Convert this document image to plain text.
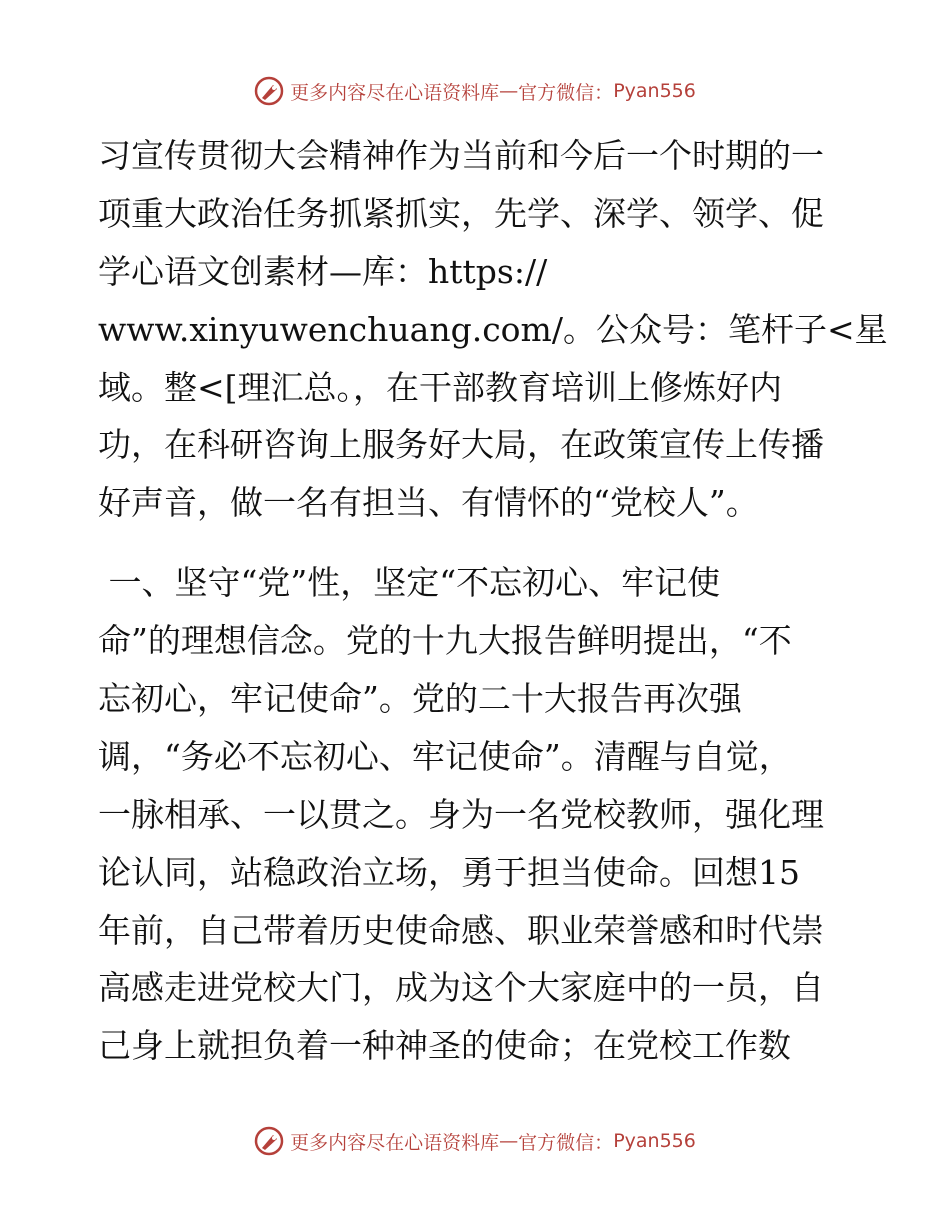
更多内容尽在心语资料库 — 官方微信： Pyan556
习宣传贯彻大会精神作为当前和今后一个时期的一
项重大政治任务抓紧抓实，先学、深学、领学、促
学心语文创素材—库：https://
www.xinyuwenchuang.com/。公众号：笔杆子<星
域。整<[理汇总。，在干部教育培训上修炼好内
功，在科研咨询上服务好大局，在政策宣传上传播
好声音，做一名有担当、有情怀的“党校人”。
一、坚守“党”性，坚定“不忘初心、牢记使
命”的理想信念。党的十九大报告鲜明提出，“不
忘初心，牢记使命”。党的二十大报告再次强
调，“务必不忘初心、牢记使命”。清醒与自觉，
一脉相承、一以贯之。身为一名党校教师，强化理
论认同，站稳政治立场，勇于担当使命。回想15
年前，自己带着历史使命感、职业荣誉感和时代崇
高感走进党校大门，成为这个大家庭中的一员，自
己身上就担负着一种神圣的使命；在党校工作数
更多内容尽在心语资料库 — 官方微信： Pyan556
